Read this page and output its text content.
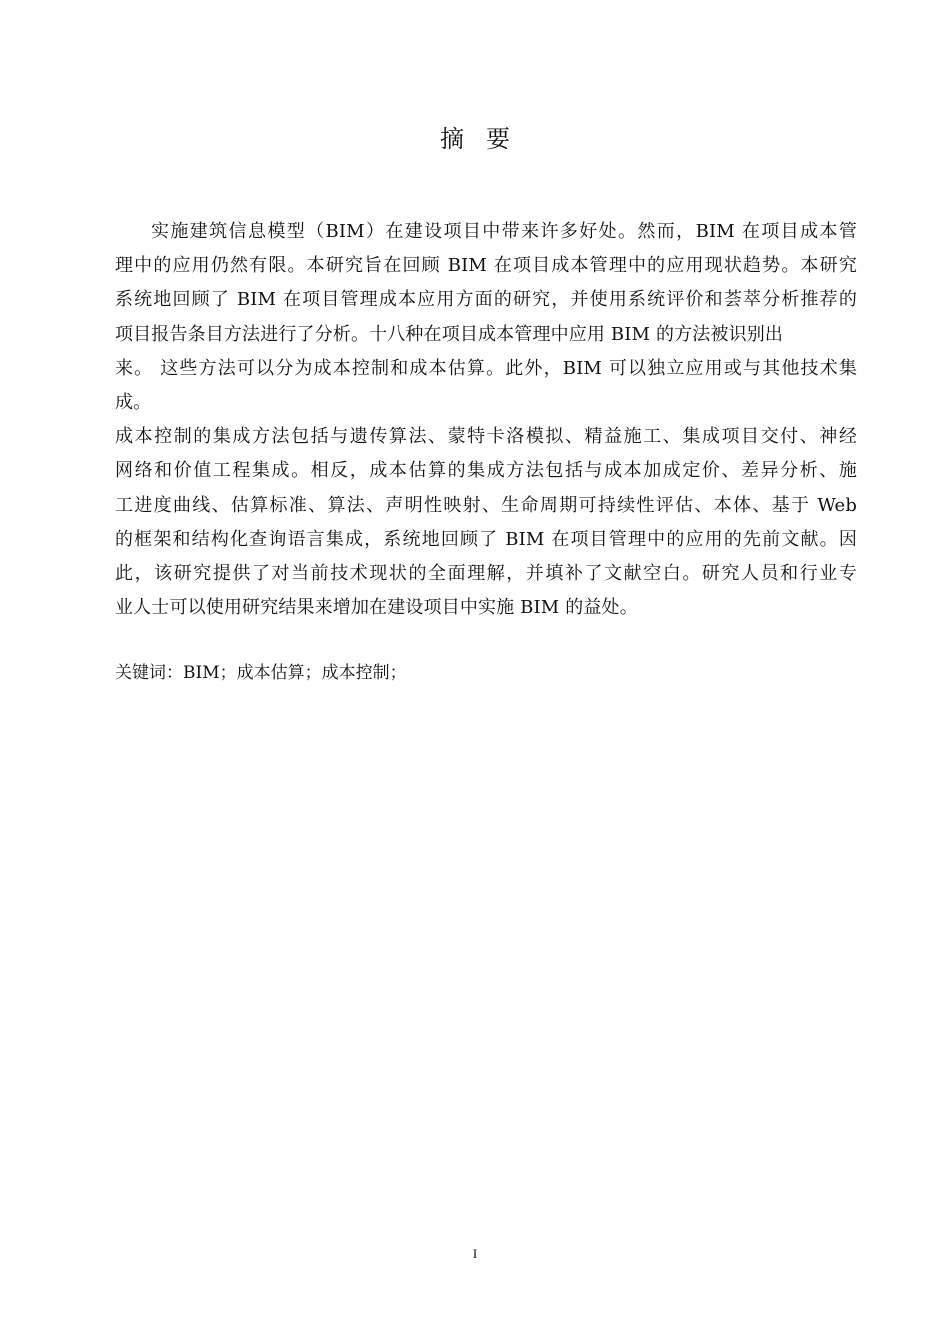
摘要
实施建筑信息模型（BIM）在建设项目中带来许多好处。然而，BIM 在项目成本管
理中的应用仍然有限。本研究旨在回顾 BIM 在项目成本管理中的应用现状趋势。本研究
系统地回顾了 BIM 在项目管理成本应用方面的研究，并使用系统评价和荟萃分析推荐的
项目报告条目方法进行了分析。十八种在项目成本管理中应用 BIM 的方法被识别出
来。 这些方法可以分为成本控制和成本估算。此外，BIM 可以独立应用或与其他技术集
成。
成本控制的集成方法包括与遗传算法、蒙特卡洛模拟、精益施工、集成项目交付、神经
网络和价值工程集成。相反，成本估算的集成方法包括与成本加成定价、差异分析、施
工进度曲线、估算标准、算法、声明性映射、生命周期可持续性评估、本体、基于 Web
的框架和结构化查询语言集成，系统地回顾了 BIM 在项目管理中的应用的先前文献。因
此，该研究提供了对当前技术现状的全面理解，并填补了文献空白。研究人员和行业专
业人士可以使用研究结果来增加在建设项目中实施 BIM 的益处。
关键词：BIM；成本估算；成本控制；
I
